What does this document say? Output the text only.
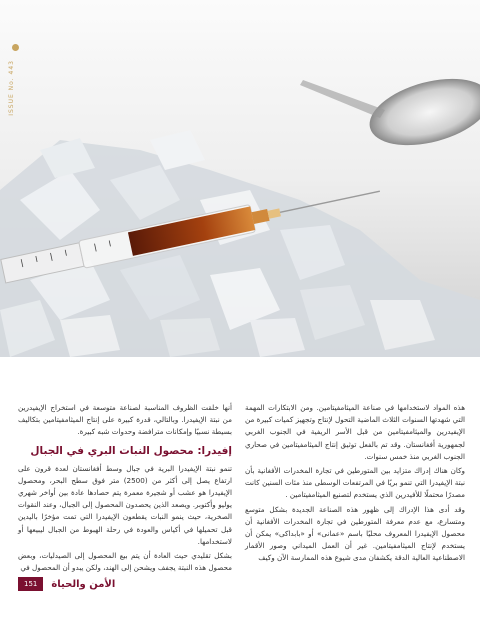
ISSUE No. 443

هذه المواد لاستخدامها في صناعة الميثامفيتامين. ومن الابتكارات المهمة التي شهدتها السنوات الثلاث الماضية التحول لإنتاج وتجهيز كميات كبيرة من الإيفيدرين والميثامفيتامين من قبل الأسر الريفية في الجنوب الغربي لجمهورية أفغانستان. وقد تم بالفعل توثيق إنتاج الميثامفيتامين في صحاري الجنوب الغربي منذ خمس سنوات.

وكان هناك إدراك متزايد بين المتورطين في تجارة المخدرات الأفغانية بأن نبتة الإيفيدرا التي تنمو بريًا في المرتفعات الوسطى منذ مئات السنين كانت مصدرًا محتملًا للأفيدرين الذي يستخدم لتصنيع الميثامفيتامين .

وقد أدى هذا الإدراك إلى ظهور هذه الصناعة الجديدة بشكل متوسع ومتسارع، مع عدم معرفة المتورطين في تجارة المخدرات الأفغانية أن محصول الإيفيدرا المعروف محليًا باسم «عمانى» أو «بابداكى» يمكن أن يستخدم لإنتاج الميثامفيتامين. غير أن العمل الميداني وصور الأقمار الاصطناعية العالية الدقة يكشفان مدى شيوع هذه الممارسة الآن وكيف

أنها خلقت الظروف المناسبة لصناعة متوسعة في استخراج الإيفيدرين من نبتة الإيفيدرا. وبالتالي، قدرة كبيرة على إنتاج الميثامفيتامين بتكاليف بسيطة نسبيًا وإمكانات مترافضة وحدوات شبه كبيرة.

إفيدرا: محصول النبات البري في الجبال

تنمو نبتة الإيفيدرا البرية في جبال وسط أفغانستان لعدة قرون على ارتفاع يصل إلى أكثر من (2500) متر فوق سطح البحر، ومحصول الإيفيدرا هو عشب أو شجيرة معمرة يتم حصادها عادة بين أواخر شهري يوليو وأكتوبر. ويصعد الذين يحصدون المحصول إلى الجبال، وعند النقوات الصخرية، حيث ينمو النبات يقطعون الإيفيدرا التي تمت مؤخرًا باليدين قبل تحميلها في أكياس والعودة في رحلة الهبوط من الجبال ليبيعها أو لاستخدامها.

بشكل تقليدي حيث العادة أن يتم بيع المحصول إلى الصيدليات، وبعض محصول هذه النبتة يجفف ويشحن إلى الهند، ولكن يبدو أن المحصول في

151	الأمن والحياة
